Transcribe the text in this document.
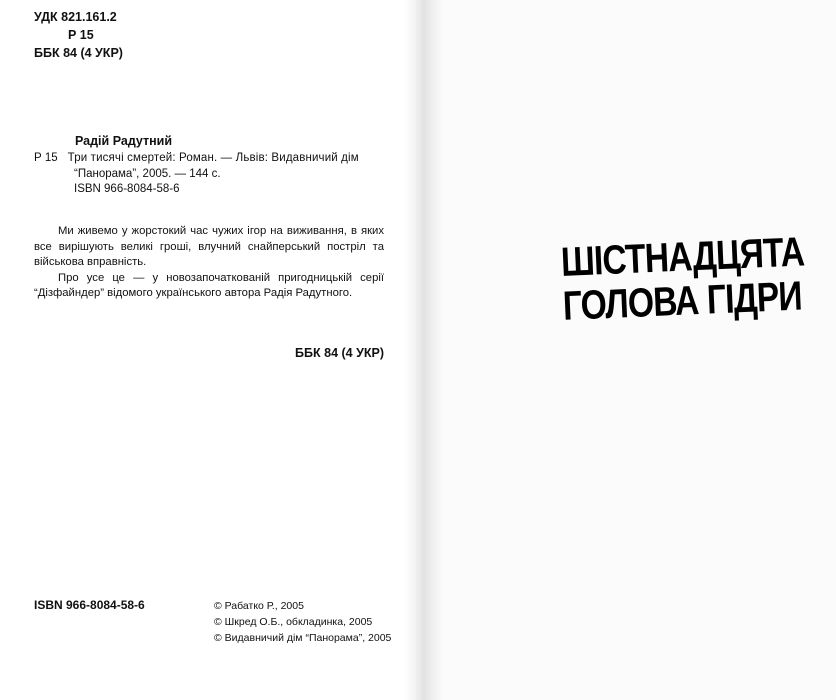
УДК 821.161.2
Р 15
ББК 84 (4 УКР)
Радій Радутний
Р 15 Три тисячі смертей: Роман. — Львів: Видавничий дім
“Панорама”, 2005. — 144 с.
ISBN 966-8084-58-6

Ми живемо у жорстокий час чужих ігор на виживання, в яких все вирішують великі гроші, влучний снайперський постріл та військова вправність.

Про усе це — у новозапочаткованій пригодницькій серії “Дізфайндер” відомого українського автора Радія Радутного.

ББК 84 (4 УКР)
ISBN 966-8084-58-6	© Рабатко Р., 2005
© Шкред О.Б., обкладинка, 2005
© Видавничий дім “Панорама”, 2005
ШІСТНАДЦЯТА
ГОЛОВА ГІДРИ
